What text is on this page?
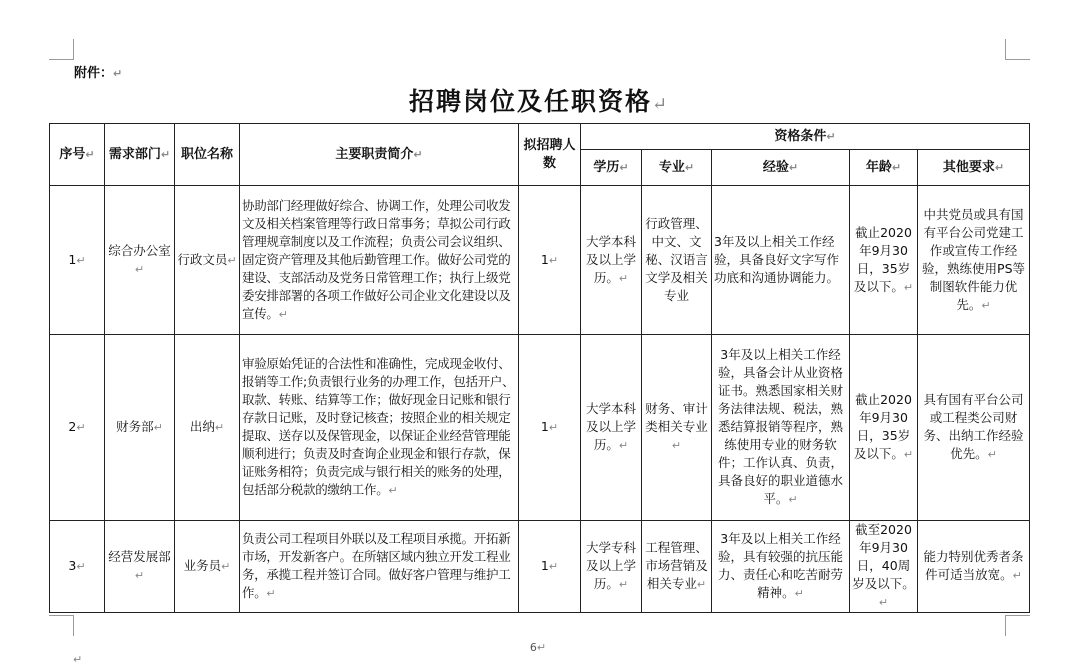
附件：↵
招聘岗位及任职资格↵
序号↵	需求部门↵	职位名称	主要职责简介↵	拟招聘人数	资格条件↵				
					学历↵	专业↵	经验↵	年龄↵	其他要求↵
1↵	综合办公室↵	行政文员↵	协助部门经理做好综合、协调工作，处理公司收发文及相关档案管理等行政日常事务；草拟公司行政管理规章制度以及工作流程；负责公司会议组织、固定资产管理及其他后勤管理工作。做好公司党的建设、支部活动及党务日常管理工作；执行上级党委安排部署的各项工作做好公司企业文化建设以及宣传。↵	1↵	大学本科及以上学历。↵	行政管理、中文、文秘、汉语言文学及相关专业	3年及以上相关工作经验，具备良好文字写作功底和沟通协调能力。	截止2020年9月30日，35岁及以下。↵	中共党员或具有国有平台公司党建工作或宣传工作经验，熟练使用PS等制图软件能力优先。↵
2↵	财务部↵	出纳↵	审验原始凭证的合法性和准确性，完成现金收付、报销等工作;负责银行业务的办理工作，包括开户、取款、转账、结算等工作；做好现金日记账和银行存款日记账，及时登记核查；按照企业的相关规定提取、送存以及保管现金，以保证企业经营管理能顺利进行；负责及时查询企业现金和银行存款，保证账务相符；负责完成与银行相关的账务的处理，包括部分税款的缴纳工作。↵	1↵	大学本科及以上学历。↵	财务、审计类相关专业↵	3年及以上相关工作经验，具备会计从业资格证书。熟悉国家相关财务法律法规、税法，熟悉结算报销等程序，熟练使用专业的财务软件；工作认真、负责，具备良好的职业道德水平。↵	截止2020年9月30日，35岁及以下。↵	具有国有平台公司或工程类公司财务、出纳工作经验优先。↵
3↵	经营发展部↵	业务员↵	负责公司工程项目外联以及工程项目承揽。开拓新市场，开发新客户。在所辖区域内独立开发工程业务，承揽工程并签订合同。做好客户管理与维护工作。↵	1↵	大学专科及以上学历。↵	工程管理、市场营销及相关专业↵	3年及以上相关工作经验，具有较强的抗压能力、责任心和吃苦耐劳精神。↵	截至2020年9月30日，40周岁及以下。↵	能力特别优秀者条件可适当放宽。↵
6↵
↵
